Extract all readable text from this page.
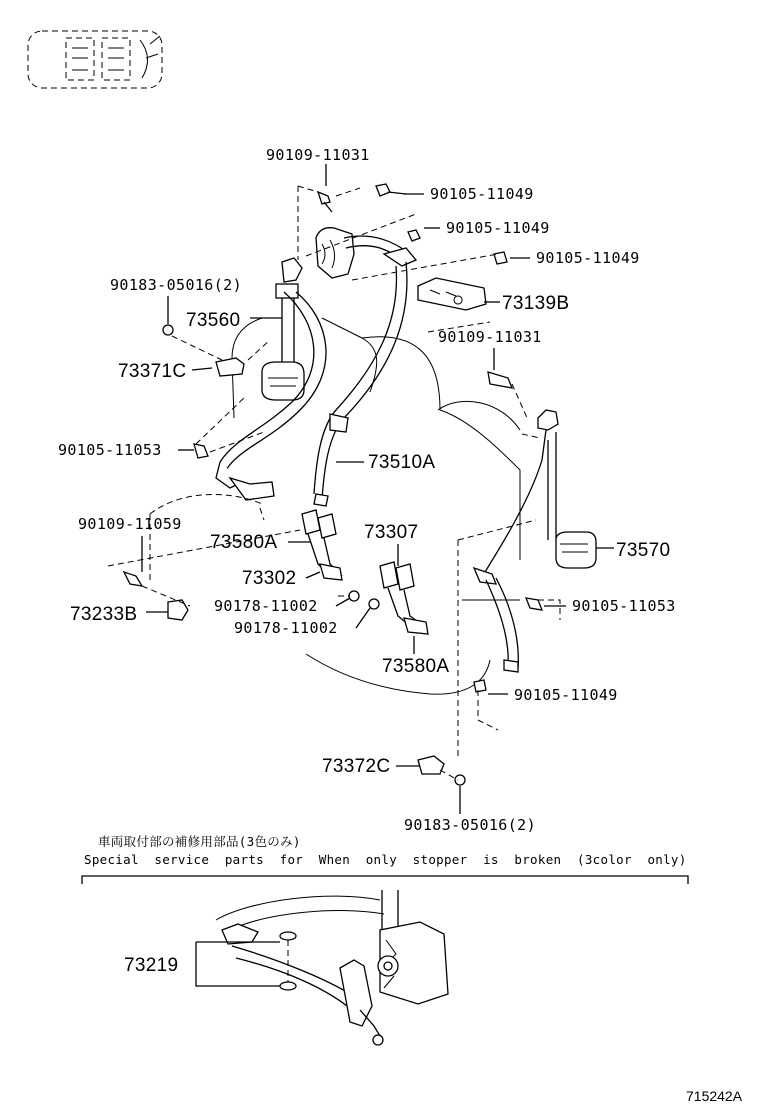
90109-11031
90105-11049
90105-11049
90105-11049
90183-05016(2)
73139B
73560
90109-11031
73371C
90105-11053
73510A
90109-11059	73307
73580A	73570
73302
90178-11002	90105-11053
73233B
90178-11002
73580A
90105-11049
73372C
90183-05016(2)
車両取付部の補修用部品(3色のみ)
Special  service  parts  for  When  only  stopper  is  broken  (3color  only)
73219
715242A
